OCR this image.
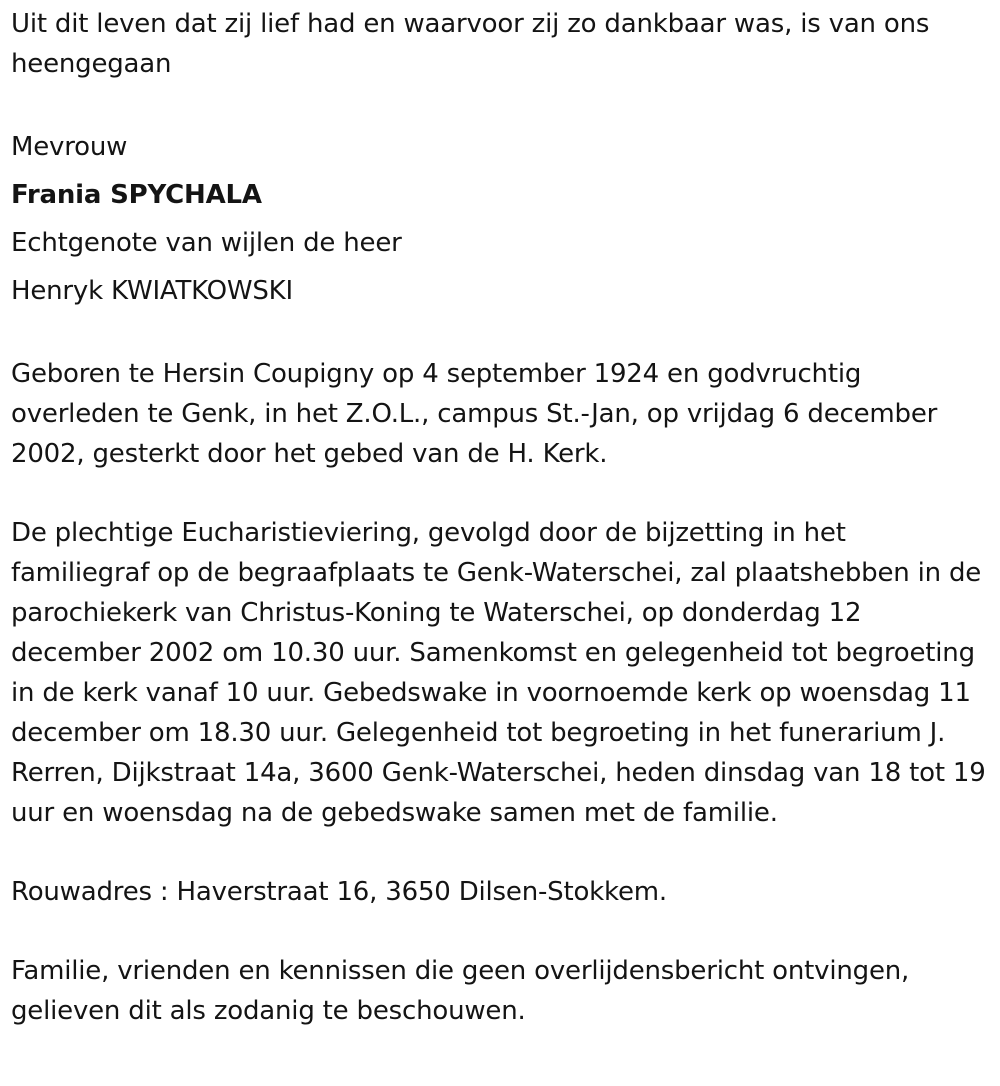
Uit dit leven dat zij lief had en waarvoor zij zo dankbaar was, is van ons heengegaan

Mevrouw

Frania SPYCHALA

Echtgenote van wijlen de heer

Henryk KWIATKOWSKI

Geboren te Hersin Coupigny op 4 september 1924 en godvruchtig overleden te Genk, in het Z.O.L., campus St.-Jan, op vrijdag 6 december 2002, gesterkt door het gebed van de H. Kerk.

De plechtige Eucharistieviering, gevolgd door de bijzetting in het familiegraf op de begraafplaats te Genk-Waterschei, zal plaatshebben in de parochiekerk van Christus-Koning te Waterschei, op donderdag 12 december 2002 om 10.30 uur. Samenkomst en gelegenheid tot begroeting in de kerk vanaf 10 uur. Gebedswake in voornoemde kerk op woensdag 11 december om 18.30 uur. Gelegenheid tot begroeting in het funerarium J. Rerren, Dijkstraat 14a, 3600 Genk-Waterschei, heden dinsdag van 18 tot 19 uur en woensdag na de gebedswake samen met de familie.

Rouwadres : Haverstraat 16, 3650 Dilsen-Stokkem.

Familie, vrienden en kennissen die geen overlijdensbericht ontvingen, gelieven dit als zodanig te beschouwen.
